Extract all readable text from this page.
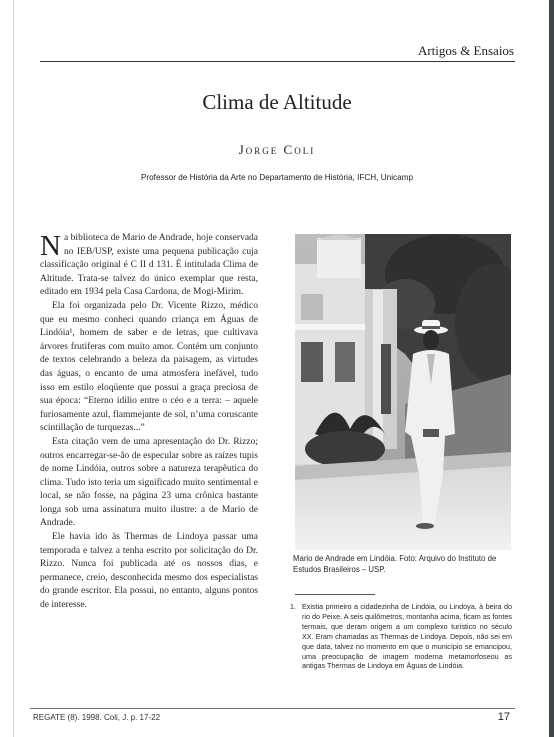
Artigos & Ensaios
Clima de Altitude
Jorge Coli
Professor de História da Arte no Departamento de História, IFCH, Unicamp

Na biblioteca de Mario de Andrade, hoje conservada no IEB/USP, existe uma pequena publicação cuja classificação original é C II d 131. É intitulada Clima de Altitude. Trata-se talvez do único exemplar que resta, editado em 1934 pela Casa Cardona, de Mogi-Mirim.

Ela foi organizada pelo Dr. Vicente Rizzo, médico que eu mesmo conheci quando criança em Águas de Lindóia¹, homem de saber e de letras, que cultivava árvores frutíferas com muito amor. Contém um conjunto de textos celebrando a beleza da paisagem, as virtudes das águas, o encanto de uma atmosfera inefável, tudo isso em estilo eloqüente que possui a graça preciosa de sua época: “Eterno idilio entre o céo e a terra: – aquele furiosamente azul, flammejante de sol, n’uma coruscante scintillação de turquezas...”

Esta citação vem de uma apresentação do Dr. Rizzo; outros encarregar-se-ão de especular sobre as raízes tupis de nome Lindóia, outros sobre a natureza terapêutica do clima. Tudo isto teria um significado muito sentimental e local, se não fosse, na página 23 uma crônica bastante longa sob uma assinatura muito ilustre: a de Mario de Andrade.

Ele havia ido às Thermas de Lindoya passar uma temporada e talvez a tenha escrito por solicitação do Dr. Rizzo. Nunca foi publicada até os nossos dias, e permanece, creio, desconhecida mesmo dos especialistas do grande escritor. Ela possui, no entanto, alguns pontos de interesse.

Mario de Andrade em Lindóia. Foto: Arquivo do Instituto de Estudos Brasileiros – USP.
1. Existia primeiro a cidadezinha de Lindóia, ou Lindoya, à beira do rio do Peixe. A seis quilômetros, montanha acima, ficam as fontes termais, que deram origem a um complexo turístico no século XX. Eram chamadas as Thermas de Lindoya. Depois, não sei em que data, talvez no momento em que o município se emancipou, uma preocupação de imagem moderna metamorfoseou as antigas Thermas de Lindoya em Águas de Lindóia.
REGATE (8). 1998. Coli, J. p. 17-22	17
